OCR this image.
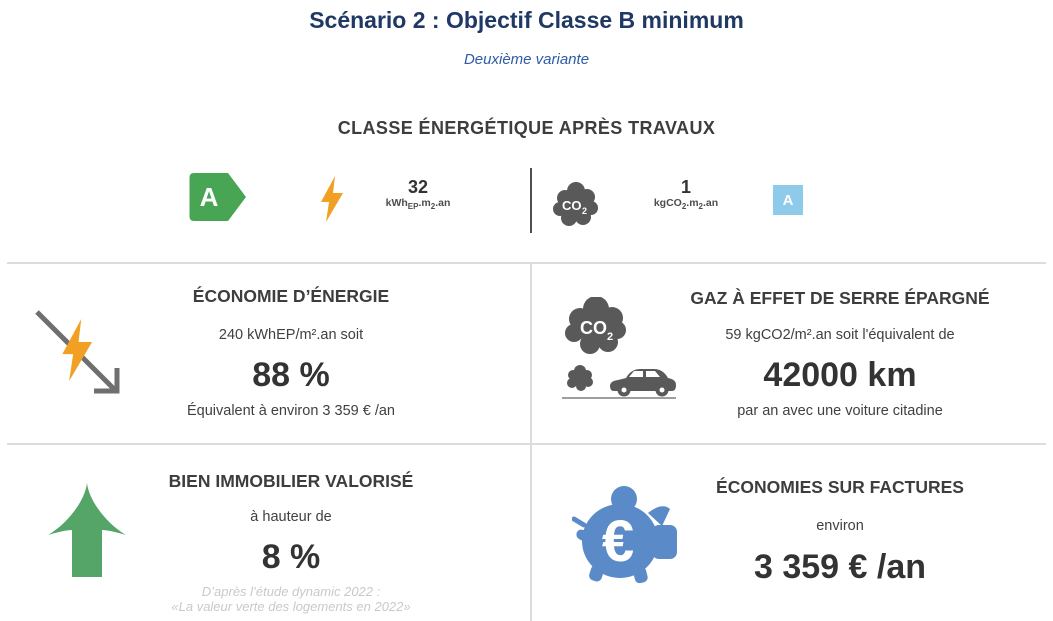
Scénario 2 : Objectif Classe B minimum
Deuxième variante
CLASSE ÉNERGÉTIQUE APRÈS TRAVAUX
A	32
$kWh_{EP}.m_2.an$	CO 2
1
$kgCO_2.m_2.an$	A
ÉCONOMIE D’ÉNERGIE
240 kWhEP/m².an soit
88 %
Équivalent à environ 3 359 € /an
CO 2
GAZ À EFFET DE SERRE ÉPARGNÉ
59 kgCO2/m².an soit l'équivalent de
42000 km
par an avec une voiture citadine
BIEN IMMOBILIER VALORISÉ
à hauteur de
8 %
D’après l’étude dynamic 2022 :
«La valeur verte des logements en 2022»
€
ÉCONOMIES SUR FACTURES
environ
3 359 € /an
